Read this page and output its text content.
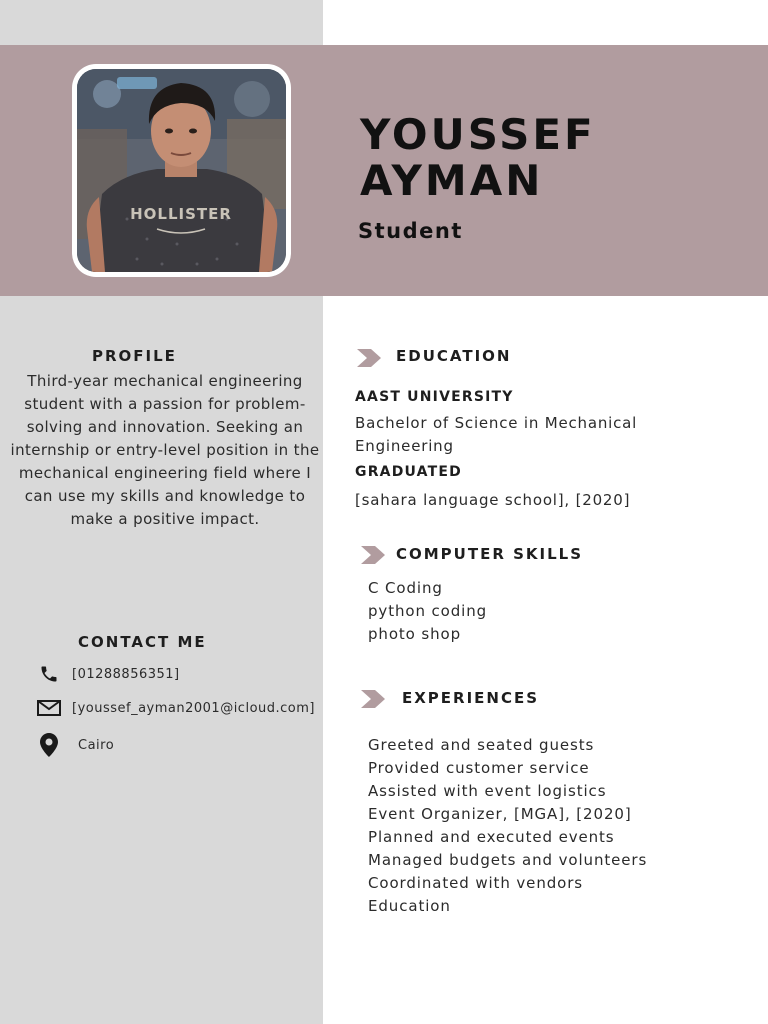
HOLLISTER
YOUSSEF
AYMAN
Student
PROFILE
Third-year mechanical engineering student with a passion for problem-solving and innovation. Seeking an internship or entry-level position in the mechanical engineering field where I can use my skills and knowledge to make a positive impact.
CONTACT ME
[01288856351]
[youssef_ayman2001@icloud.com]
Cairo
EDUCATION
AAST UNIVERSITY
Bachelor of Science in Mechanical
Engineering
GRADUATED
[sahara language school], [2020]
COMPUTER SKILLS
C Coding
python coding
photo shop
EXPERIENCES
Greeted and seated guests
Provided customer service
Assisted with event logistics
Event Organizer, [MGA], [2020]
Planned and executed events
Managed budgets and volunteers
Coordinated with vendors
Education
